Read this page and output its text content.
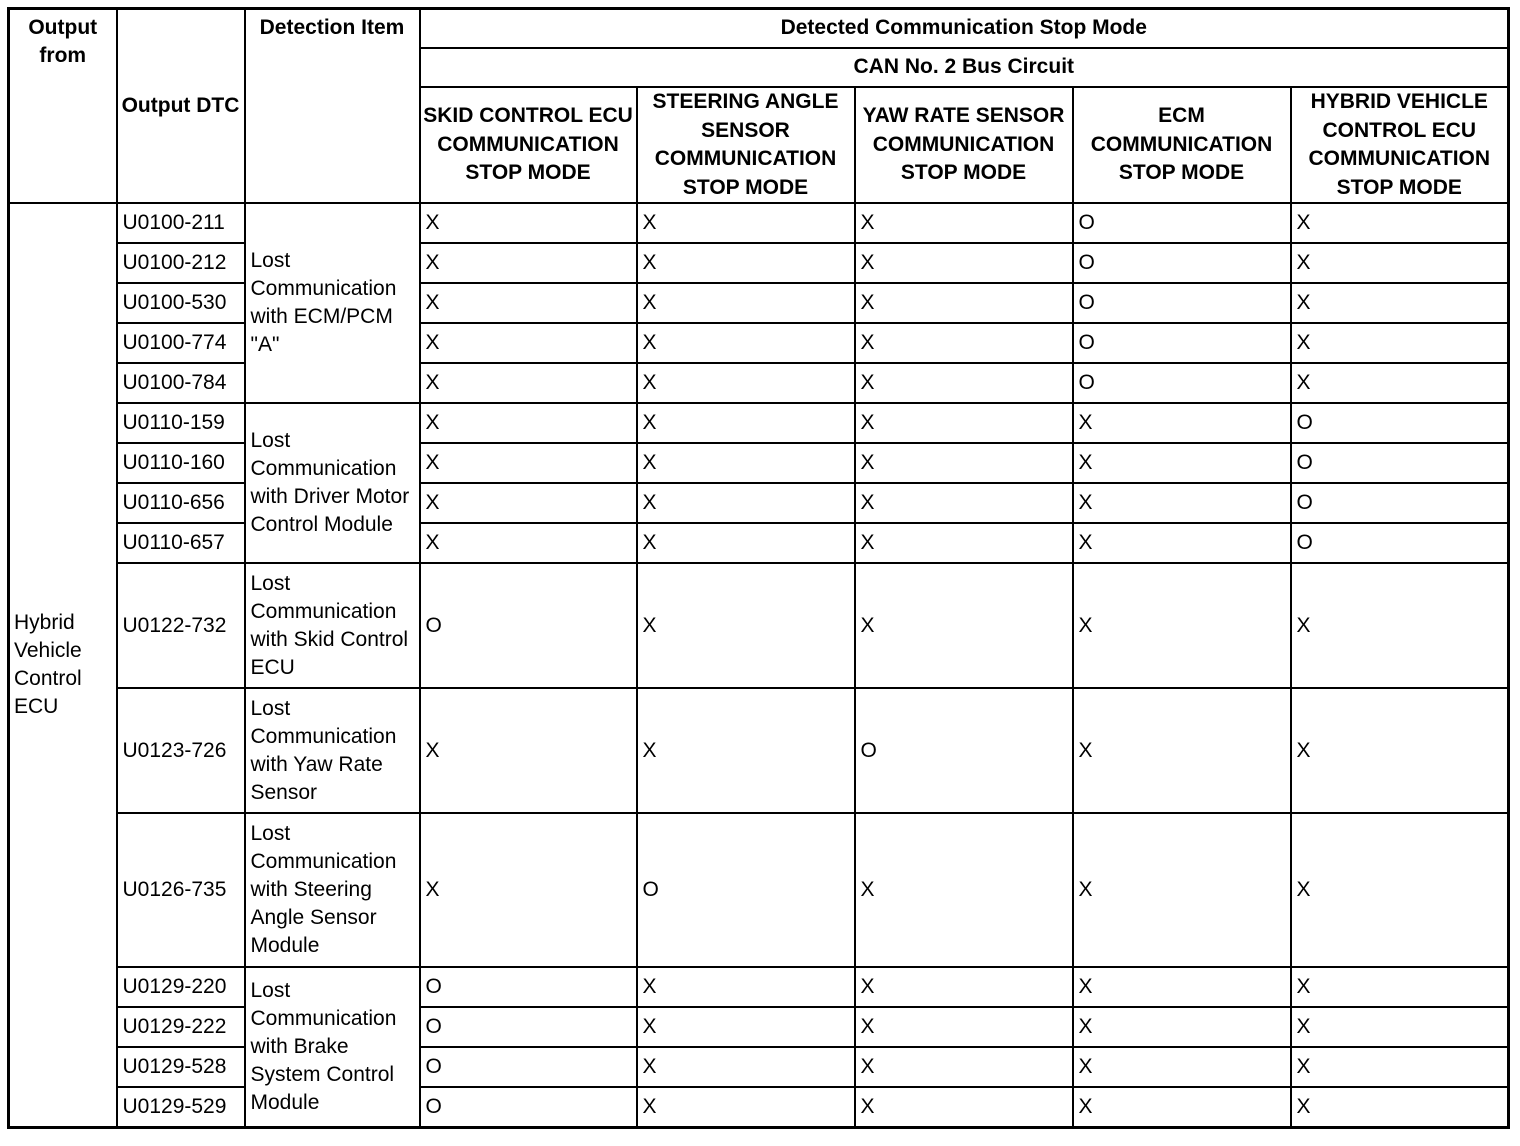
Output from	Output DTC	Detection Item	Detected Communication Stop Mode				
			CAN No. 2 Bus Circuit				
			SKID CONTROL ECU COMMUNICATION STOP MODE	STEERING ANGLE SENSOR COMMUNICATION STOP MODE	YAW RATE SENSOR COMMUNICATION STOP MODE	ECM COMMUNICATION STOP MODE	HYBRID VEHICLE CONTROL ECU COMMUNICATION STOP MODE
Hybrid Vehicle Control ECU	U0100-211	Lost Communication with ECM/PCM "A"	X	X	X	O	X
	U0100-212		X	X	X	O	X
	U0100-530		X	X	X	O	X
	U0100-774		X	X	X	O	X
	U0100-784		X	X	X	O	X
	U0110-159	Lost Communication with Driver Motor Control Module	X	X	X	X	O
	U0110-160		X	X	X	X	O
	U0110-656		X	X	X	X	O
	U0110-657		X	X	X	X	O
	U0122-732	Lost Communication with Skid Control ECU	O	X	X	X	X
	U0123-726	Lost Communication with Yaw Rate Sensor	X	X	O	X	X
	U0126-735	Lost Communication with Steering Angle Sensor Module	X	O	X	X	X
	U0129-220	Lost Communication with Brake System Control Module	O	X	X	X	X
	U0129-222		O	X	X	X	X
	U0129-528		O	X	X	X	X
	U0129-529		O	X	X	X	X
